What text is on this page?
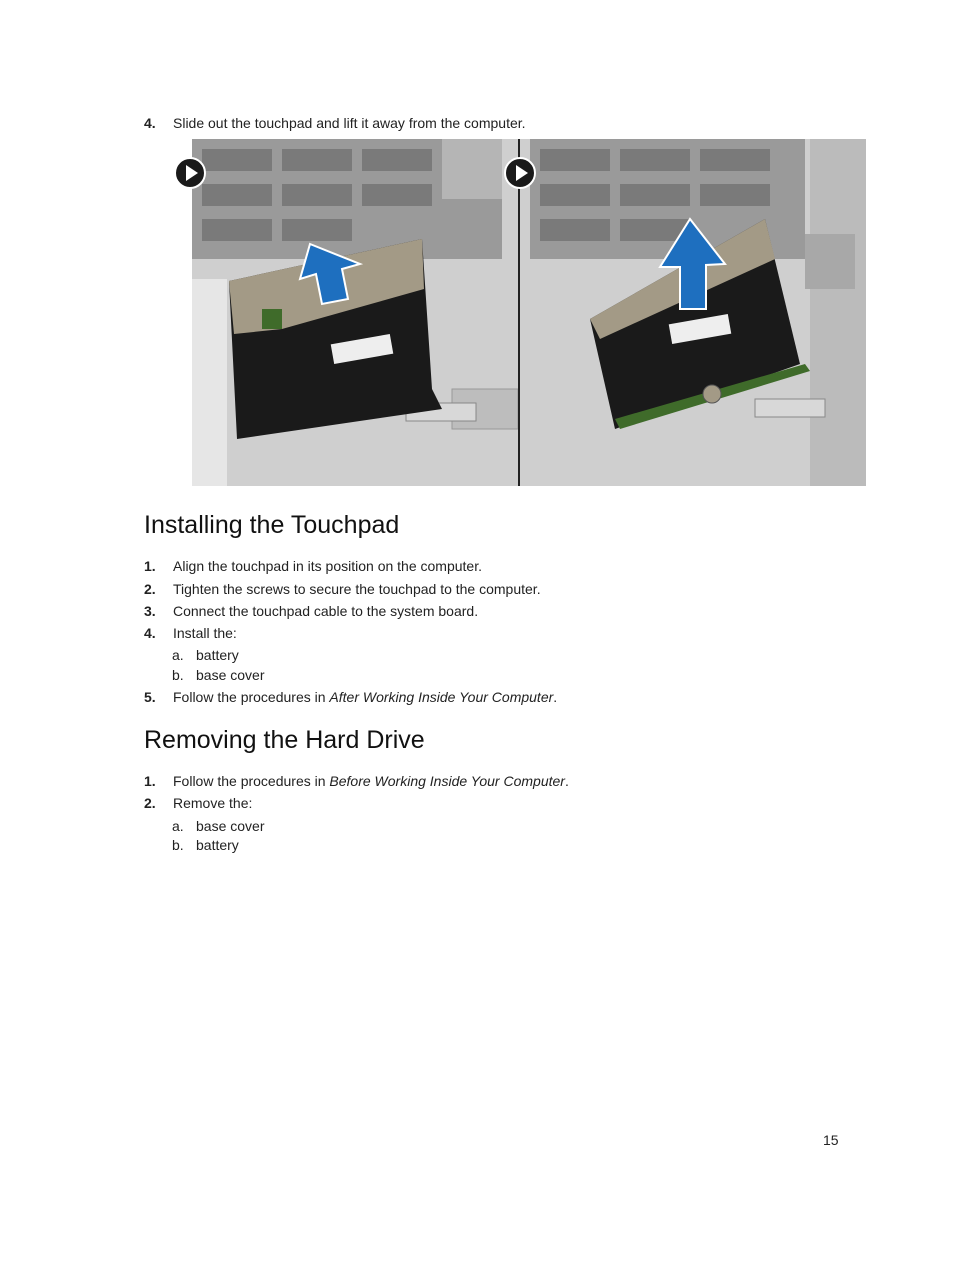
4. Slide out the touchpad and lift it away from the computer.
Installing the Touchpad
1. Align the touchpad in its position on the computer.
2. Tighten the screws to secure the touchpad to the computer.
3. Connect the touchpad cable to the system board.
4. Install the:
a. battery
b. base cover
5. Follow the procedures in After Working Inside Your Computer.
Removing the Hard Drive
1. Follow the procedures in Before Working Inside Your Computer.
2. Remove the:
a. base cover
b. battery
15
